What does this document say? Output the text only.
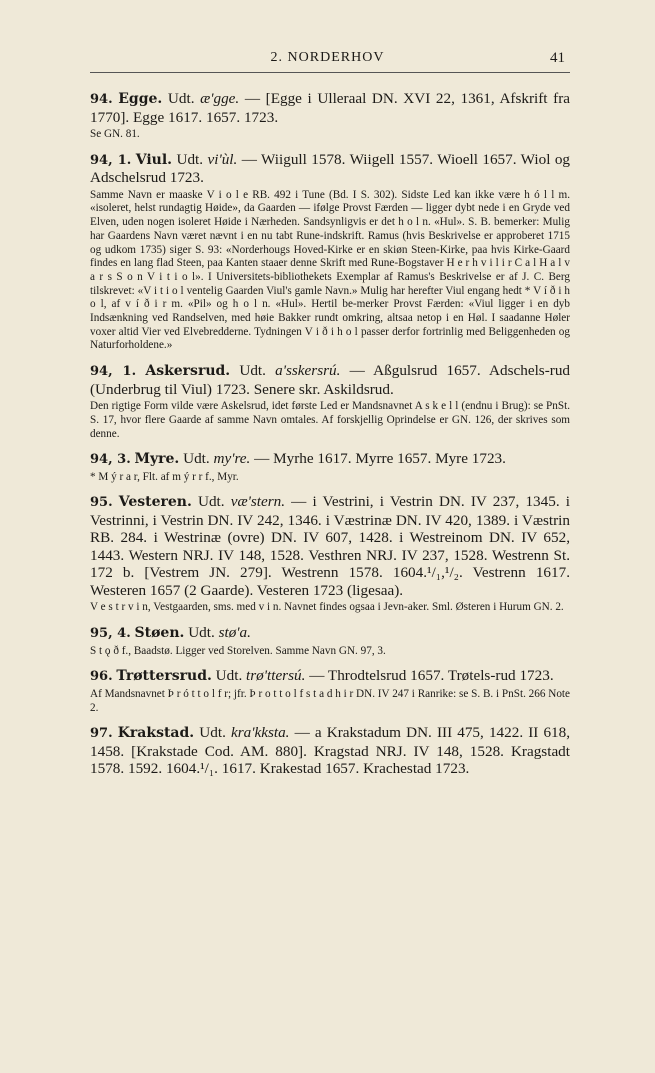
2. NORDERHOV	41

94. Egge. Udt. æ'gge. — [Egge i Ulleraal DN. XVI 22, 1361, Afskrift fra 1770]. Egge 1617. 1657. 1723.

Se GN. 81.

94, 1. Viul. Udt. vi'ùl. — Wiigull 1578. Wiigell 1557. Wioell 1657. Wiol og Adschelsrud 1723.

Samme Navn er maaske V i o l e RB. 492 i Tune (Bd. I S. 302). Sidste Led kan ikke være h ó l l m. «isoleret, helst rundagtig Høide», da Gaarden — ifølge Provst Færden — ligger dybt nede i en Gryde ved Elven, uden nogen isoleret Høide i Nærheden. Sandsynligvis er det h o l n. «Hul». S. B. bemerker: Mulig har Gaardens Navn været nævnt i en nu tabt Rune-indskrift. Ramus (hvis Beskrivelse er approberet 1715 og udkom 1735) siger S. 93: «Norderhougs Hoved-Kirke er en skiøn Steen-Kirke, paa hvis Kirke-Gaard findes en lang flad Steen, paa Kanten staaer denne Skrift med Rune-Bogstaver H e r h v i l i r C a l H a l v a r s S o n V i t i o l». I Universitets-bibliothekets Exemplar af Ramus's Beskrivelse er af J. C. Berg tilskrevet: «V i t i o l ventelig Gaarden Viul's gamle Navn.» Mulig har herefter Viul engang hedt * V í ð i h o l, af v í ð i r m. «Pil» og h o l n. «Hul». Hertil be-merker Provst Færden: «Viul ligger i en dyb Indsænkning ved Randselven, med høie Bakker rundt omkring, altsaa netop i en Høl. I saadanne Høler voxer altid Vier ved Elvebredderne. Tydningen V i ð i h o l passer derfor fortrinlig med Beliggenheden og Naturforholdene.»

94, 1. Askersrud. Udt. a'sskersrú. — Aßgulsrud 1657. Adschels-rud (Underbrug til Viul) 1723. Senere skr. Askildsrud.

Den rigtige Form vilde være Askelsrud, idet første Led er Mandsnavnet A s k e l l (endnu i Brug): se PnSt. S. 17, hvor flere Gaarde af samme Navn omtales. Af forskjellig Oprindelse er GN. 126, der skrives som denne.

94, 3. Myre. Udt. my're. — Myrhe 1617. Myrre 1657. Myre 1723.

* M ý r a r, Flt. af m ý r r f., Myr.

95. Vesteren. Udt. væ'stern. — i Vestrini, i Vestrin DN. IV 237, 1345. i Vestrinni, i Vestrin DN. IV 242, 1346. i Væstrinæ DN. IV 420, 1389. i Væstrin RB. 284. i Westrinæ (ovre) DN. IV 607, 1428. i Westreinom DN. IV 652, 1443. Western NRJ. IV 148, 1528. Vesthren NRJ. IV 237, 1528. Westrenn St. 172 b. [Vestrem JN. 279]. Westrenn 1578. 1604.¹/₁,¹/₂. Vestrenn 1617. Westeren 1657 (2 Gaarde). Vesteren 1723 (ligesaa).

V e s t r v i n, Vestgaarden, sms. med v i n. Navnet findes ogsaa i Jevn-aker. Sml. Østeren i Hurum GN. 2.

95, 4. Støen. Udt. stø'a.

S t ǫ ð f., Baadstø. Ligger ved Storelven. Samme Navn GN. 97, 3.

96. Trøttersrud. Udt. trø'ttersú. — Throdtelsrud 1657. Trøtels-rud 1723.

Af Mandsnavnet Þ r ó t t o l f r; jfr. Þ r o t t o l f s t a d h i r DN. IV 247 i Ranrike: se S. B. i PnSt. 266 Note 2.

97. Krakstad. Udt. kra'kksta. — a Krakstadum DN. III 475, 1422. II 618, 1458. [Krakstade Cod. AM. 880]. Kragstad NRJ. IV 148, 1528. Kragstadt 1578. 1592. 1604.¹/₁. 1617. Krakestad 1657. Krachestad 1723.
